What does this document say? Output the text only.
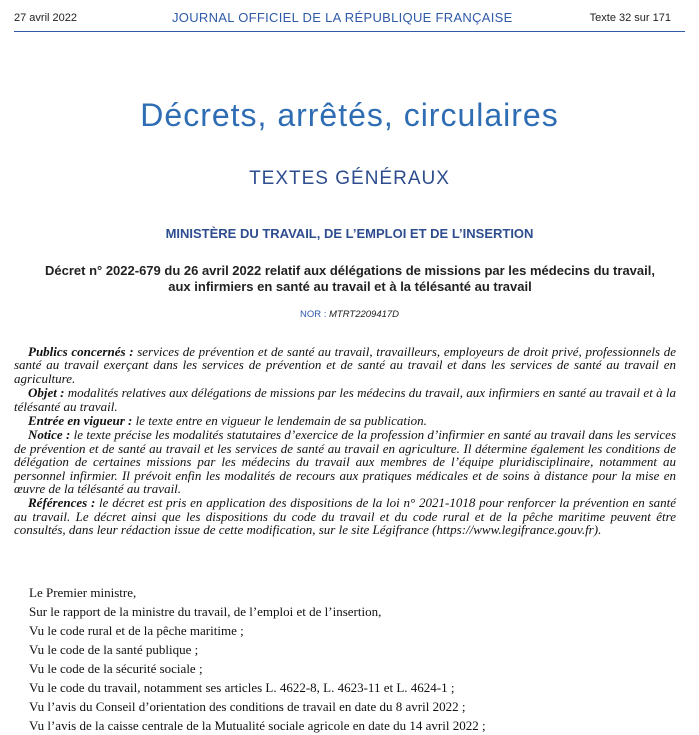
27 avril 2022	JOURNAL OFFICIEL DE LA RÉPUBLIQUE FRANÇAISE	Texte 32 sur 171
Décrets, arrêtés, circulaires
TEXTES GÉNÉRAUX
MINISTÈRE DU TRAVAIL, DE L’EMPLOI ET DE L’INSERTION
Décret n° 2022-679 du 26 avril 2022 relatif aux délégations de missions par les médecins du travail, aux infirmiers en santé au travail et à la télésanté au travail
NOR : MTRT2209417D

Publics concernés : services de prévention et de santé au travail, travailleurs, employeurs de droit privé, professionnels de santé au travail exerçant dans les services de prévention et de santé au travail et dans les services de santé au travail en agriculture.

Objet : modalités relatives aux délégations de missions par les médecins du travail, aux infirmiers en santé au travail et à la télésanté au travail.

Entrée en vigueur : le texte entre en vigueur le lendemain de sa publication.

Notice : le texte précise les modalités statutaires d’exercice de la profession d’infirmier en santé au travail dans les services de prévention et de santé au travail et les services de santé au travail en agriculture. Il détermine également les conditions de délégation de certaines missions par les médecins du travail aux membres de l’équipe pluridisciplinaire, notamment au personnel infirmier. Il prévoit enfin les modalités de recours aux pratiques médicales et de soins à distance pour la mise en œuvre de la télésanté au travail.

Références : le décret est pris en application des dispositions de la loi n° 2021-1018 pour renforcer la prévention en santé au travail. Le décret ainsi que les dispositions du code du travail et du code rural et de la pêche maritime peuvent être consultés, dans leur rédaction issue de cette modification, sur le site Légifrance (https://www.legifrance.gouv.fr).

Le Premier ministre,

Sur le rapport de la ministre du travail, de l’emploi et de l’insertion,

Vu le code rural et de la pêche maritime ;

Vu le code de la santé publique ;

Vu le code de la sécurité sociale ;

Vu le code du travail, notamment ses articles L. 4622-8, L. 4623-11 et L. 4624-1 ;

Vu l’avis du Conseil d’orientation des conditions de travail en date du 8 avril 2022 ;

Vu l’avis de la caisse centrale de la Mutualité sociale agricole en date du 14 avril 2022 ;
